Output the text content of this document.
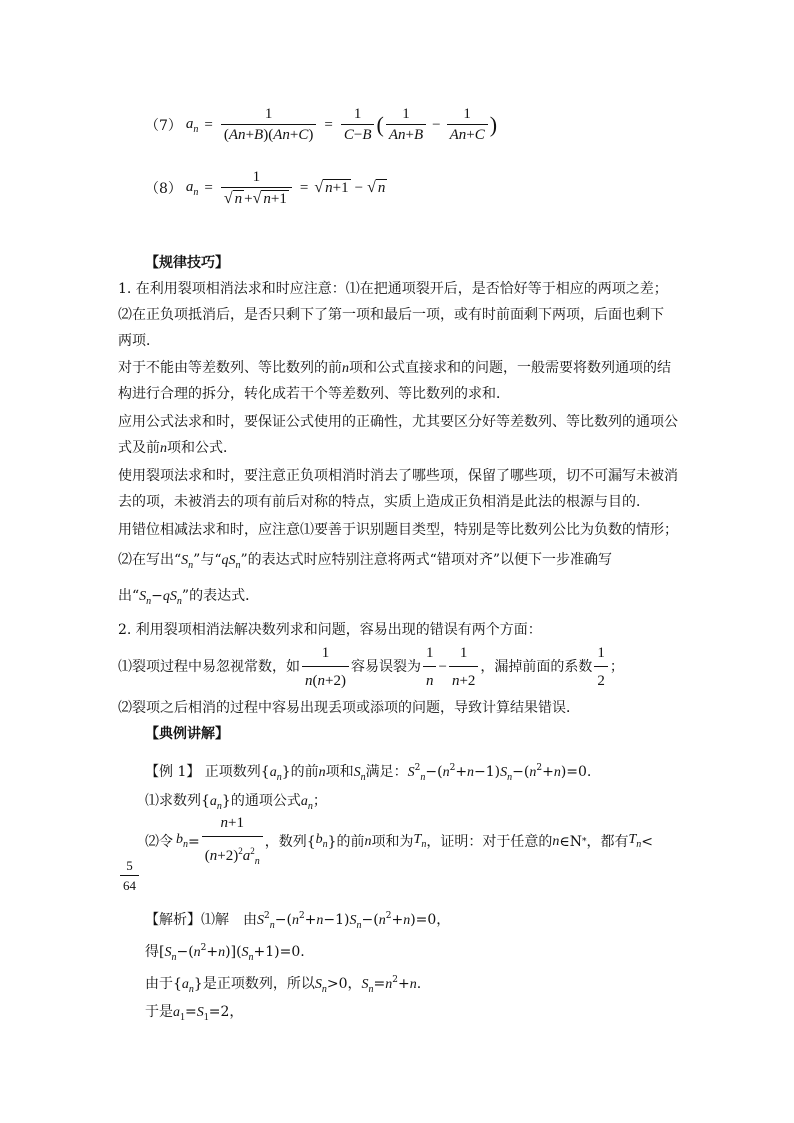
（7） $a_n = \frac{1}{(An+B)(An+C)} = \frac{1}{C-B}$ ( $\frac{1}{An+B} - \frac{1}{An+C}$ )
（8） $a_n = \frac{1}{√ n +√ n+1}$ = √ n+1 − √ n
【规律技巧】
1. 在利用裂项相消法求和时应注意：⑴在把通项裂开后，是否恰好等于相应的两项之差；
⑵在正负项抵消后，是否只剩下了第一项和最后一项，或有时前面剩下两项，后面也剩下
两项．
对于不能由等差数列、等比数列的前n项和公式直接求和的问题，一般需要将数列通项的结
构进行合理的拆分，转化成若干个等差数列、等比数列的求和．
应用公式法求和时，要保证公式使用的正确性，尤其要区分好等差数列、等比数列的通项公
式及前n项和公式．
使用裂项法求和时，要注意正负项相消时消去了哪些项，保留了哪些项，切不可漏写未被消
去的项，未被消去的项有前后对称的特点，实质上造成正负相消是此法的根源与目的．
用错位相减法求和时，应注意⑴要善于识别题目类型，特别是等比数列公比为负数的情形；
⑵在写出“$S_n$”与“$qS_n$”的表达式时应特别注意将两式“错项对齐”以便下一步准确写
出“$S_n-qS_n$”的表达式．
2. 利用裂项相消法解决数列求和问题，容易出现的错误有两个方面：
⑴裂项过程中易忽视常数，如 $\frac{1}{n(n+2)}$ 容易误裂为 $\frac{1}{n} - \frac{1}{n+2}$ ，漏掉前面的系数 $\frac{1}{2}$ ；
⑵裂项之后相消的过程中容易出现丢项或添项的问题，导致计算结果错误．
【典例讲解】
【例 1】 正项数列$\{a_n\}$的前n项和$S_n$满足：$S^2_n-(n^2+n-1)S_n-(n^2+n)=0$.
⑴求数列$\{a_n\}$的通项公式$a_n$；
⑵令 $b_n = \frac{n+1}{(n+2)^2a^2_n}$ ，数列{ $b_n$ }的前 n 项和为 $T_n$ ，证明：对于任意的 n ∈N * ，都有 $T_n$ <
$\frac{5}{64}$
【解析】⑴解　由$S^2_n-(n^2+n-1)S_n-(n^2+n)=0$，
得$[S_n-(n^2+n)](S_n+1)=0$.
由于$\{a_n\}$是正项数列，所以$S_n>0$，$S_n=n^2+n$.
于是$a_1=S_1=2$，
